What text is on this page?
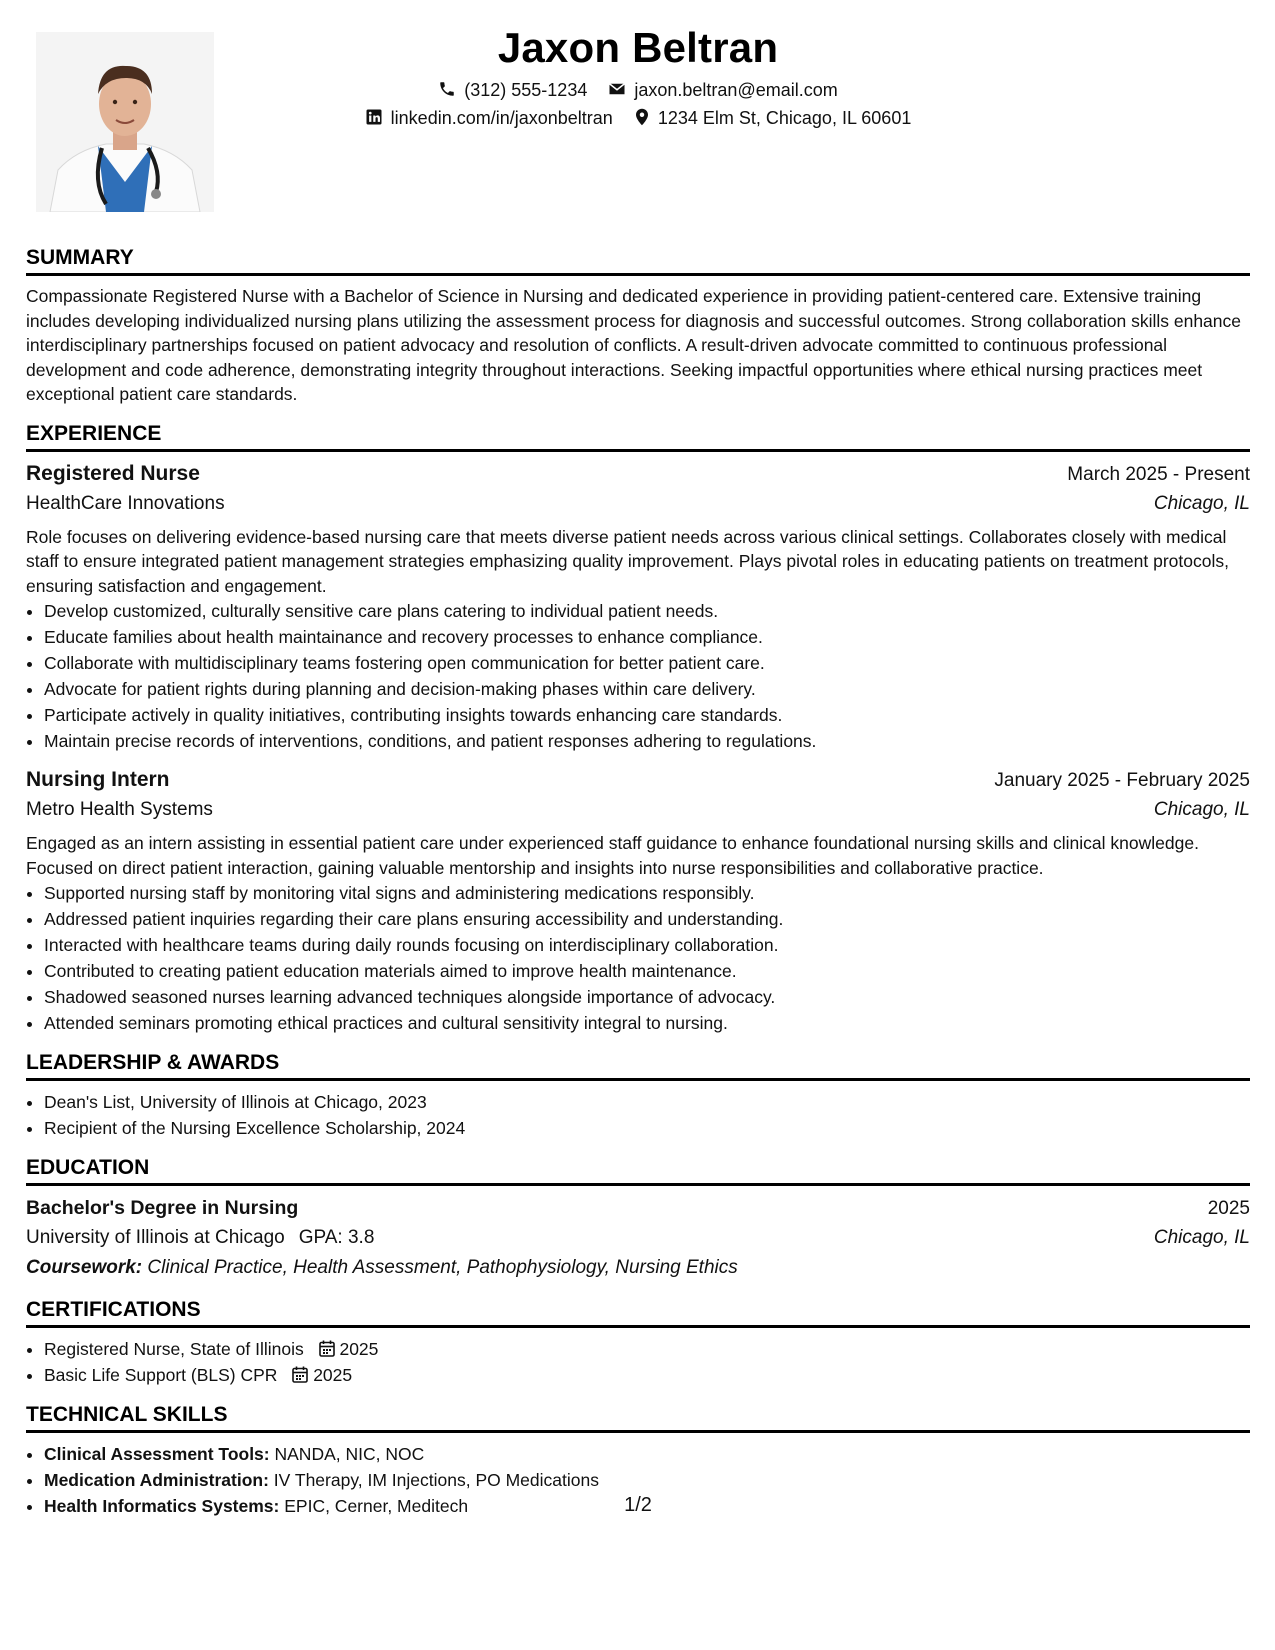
Jaxon Beltran
(312) 555-1234	jaxon.beltran@email.com
linkedin.com/in/jaxonbeltran	1234 Elm St, Chicago, IL 60601
SUMMARY

Compassionate Registered Nurse with a Bachelor of Science in Nursing and dedicated experience in providing patient-centered care. Extensive training includes developing individualized nursing plans utilizing the assessment process for diagnosis and successful outcomes. Strong collaboration skills enhance interdisciplinary partnerships focused on patient advocacy and resolution of conflicts. A result-driven advocate committed to continuous professional development and code adherence, demonstrating integrity throughout interactions. Seeking impactful opportunities where ethical nursing practices meet exceptional patient care standards.

EXPERIENCE
Registered Nurse	March 2025 - Present
HealthCare Innovations	Chicago, IL

Role focuses on delivering evidence-based nursing care that meets diverse patient needs across various clinical settings. Collaborates closely with medical staff to ensure integrated patient management strategies emphasizing quality improvement. Plays pivotal roles in educating patients on treatment protocols, ensuring satisfaction and engagement.

• Develop customized, culturally sensitive care plans catering to individual patient needs.
• Educate families about health maintainance and recovery processes to enhance compliance.
• Collaborate with multidisciplinary teams fostering open communication for better patient care.
• Advocate for patient rights during planning and decision-making phases within care delivery.
• Participate actively in quality initiatives, contributing insights towards enhancing care standards.
• Maintain precise records of interventions, conditions, and patient responses adhering to regulations.
Nursing Intern	January 2025 - February 2025
Metro Health Systems	Chicago, IL

Engaged as an intern assisting in essential patient care under experienced staff guidance to enhance foundational nursing skills and clinical knowledge. Focused on direct patient interaction, gaining valuable mentorship and insights into nurse responsibilities and collaborative practice.

• Supported nursing staff by monitoring vital signs and administering medications responsibly.
• Addressed patient inquiries regarding their care plans ensuring accessibility and understanding.
• Interacted with healthcare teams during daily rounds focusing on interdisciplinary collaboration.
• Contributed to creating patient education materials aimed to improve health maintenance.
• Shadowed seasoned nurses learning advanced techniques alongside importance of advocacy.
• Attended seminars promoting ethical practices and cultural sensitivity integral to nursing.
LEADERSHIP & AWARDS
• Dean's List, University of Illinois at Chicago, 2023
• Recipient of the Nursing Excellence Scholarship, 2024
EDUCATION
Bachelor's Degree in Nursing	2025
University of Illinois at Chicago GPA: 3.8	Chicago, IL
Coursework: Clinical Practice, Health Assessment, Pathophysiology, Nursing Ethics
CERTIFICATIONS
• Registered Nurse, State of Illinois 2025
• Basic Life Support (BLS) CPR 2025
TECHNICAL SKILLS
• Clinical Assessment Tools: NANDA, NIC, NOC
• Medication Administration: IV Therapy, IM Injections, PO Medications
• Health Informatics Systems: EPIC, Cerner, Meditech	1/2
